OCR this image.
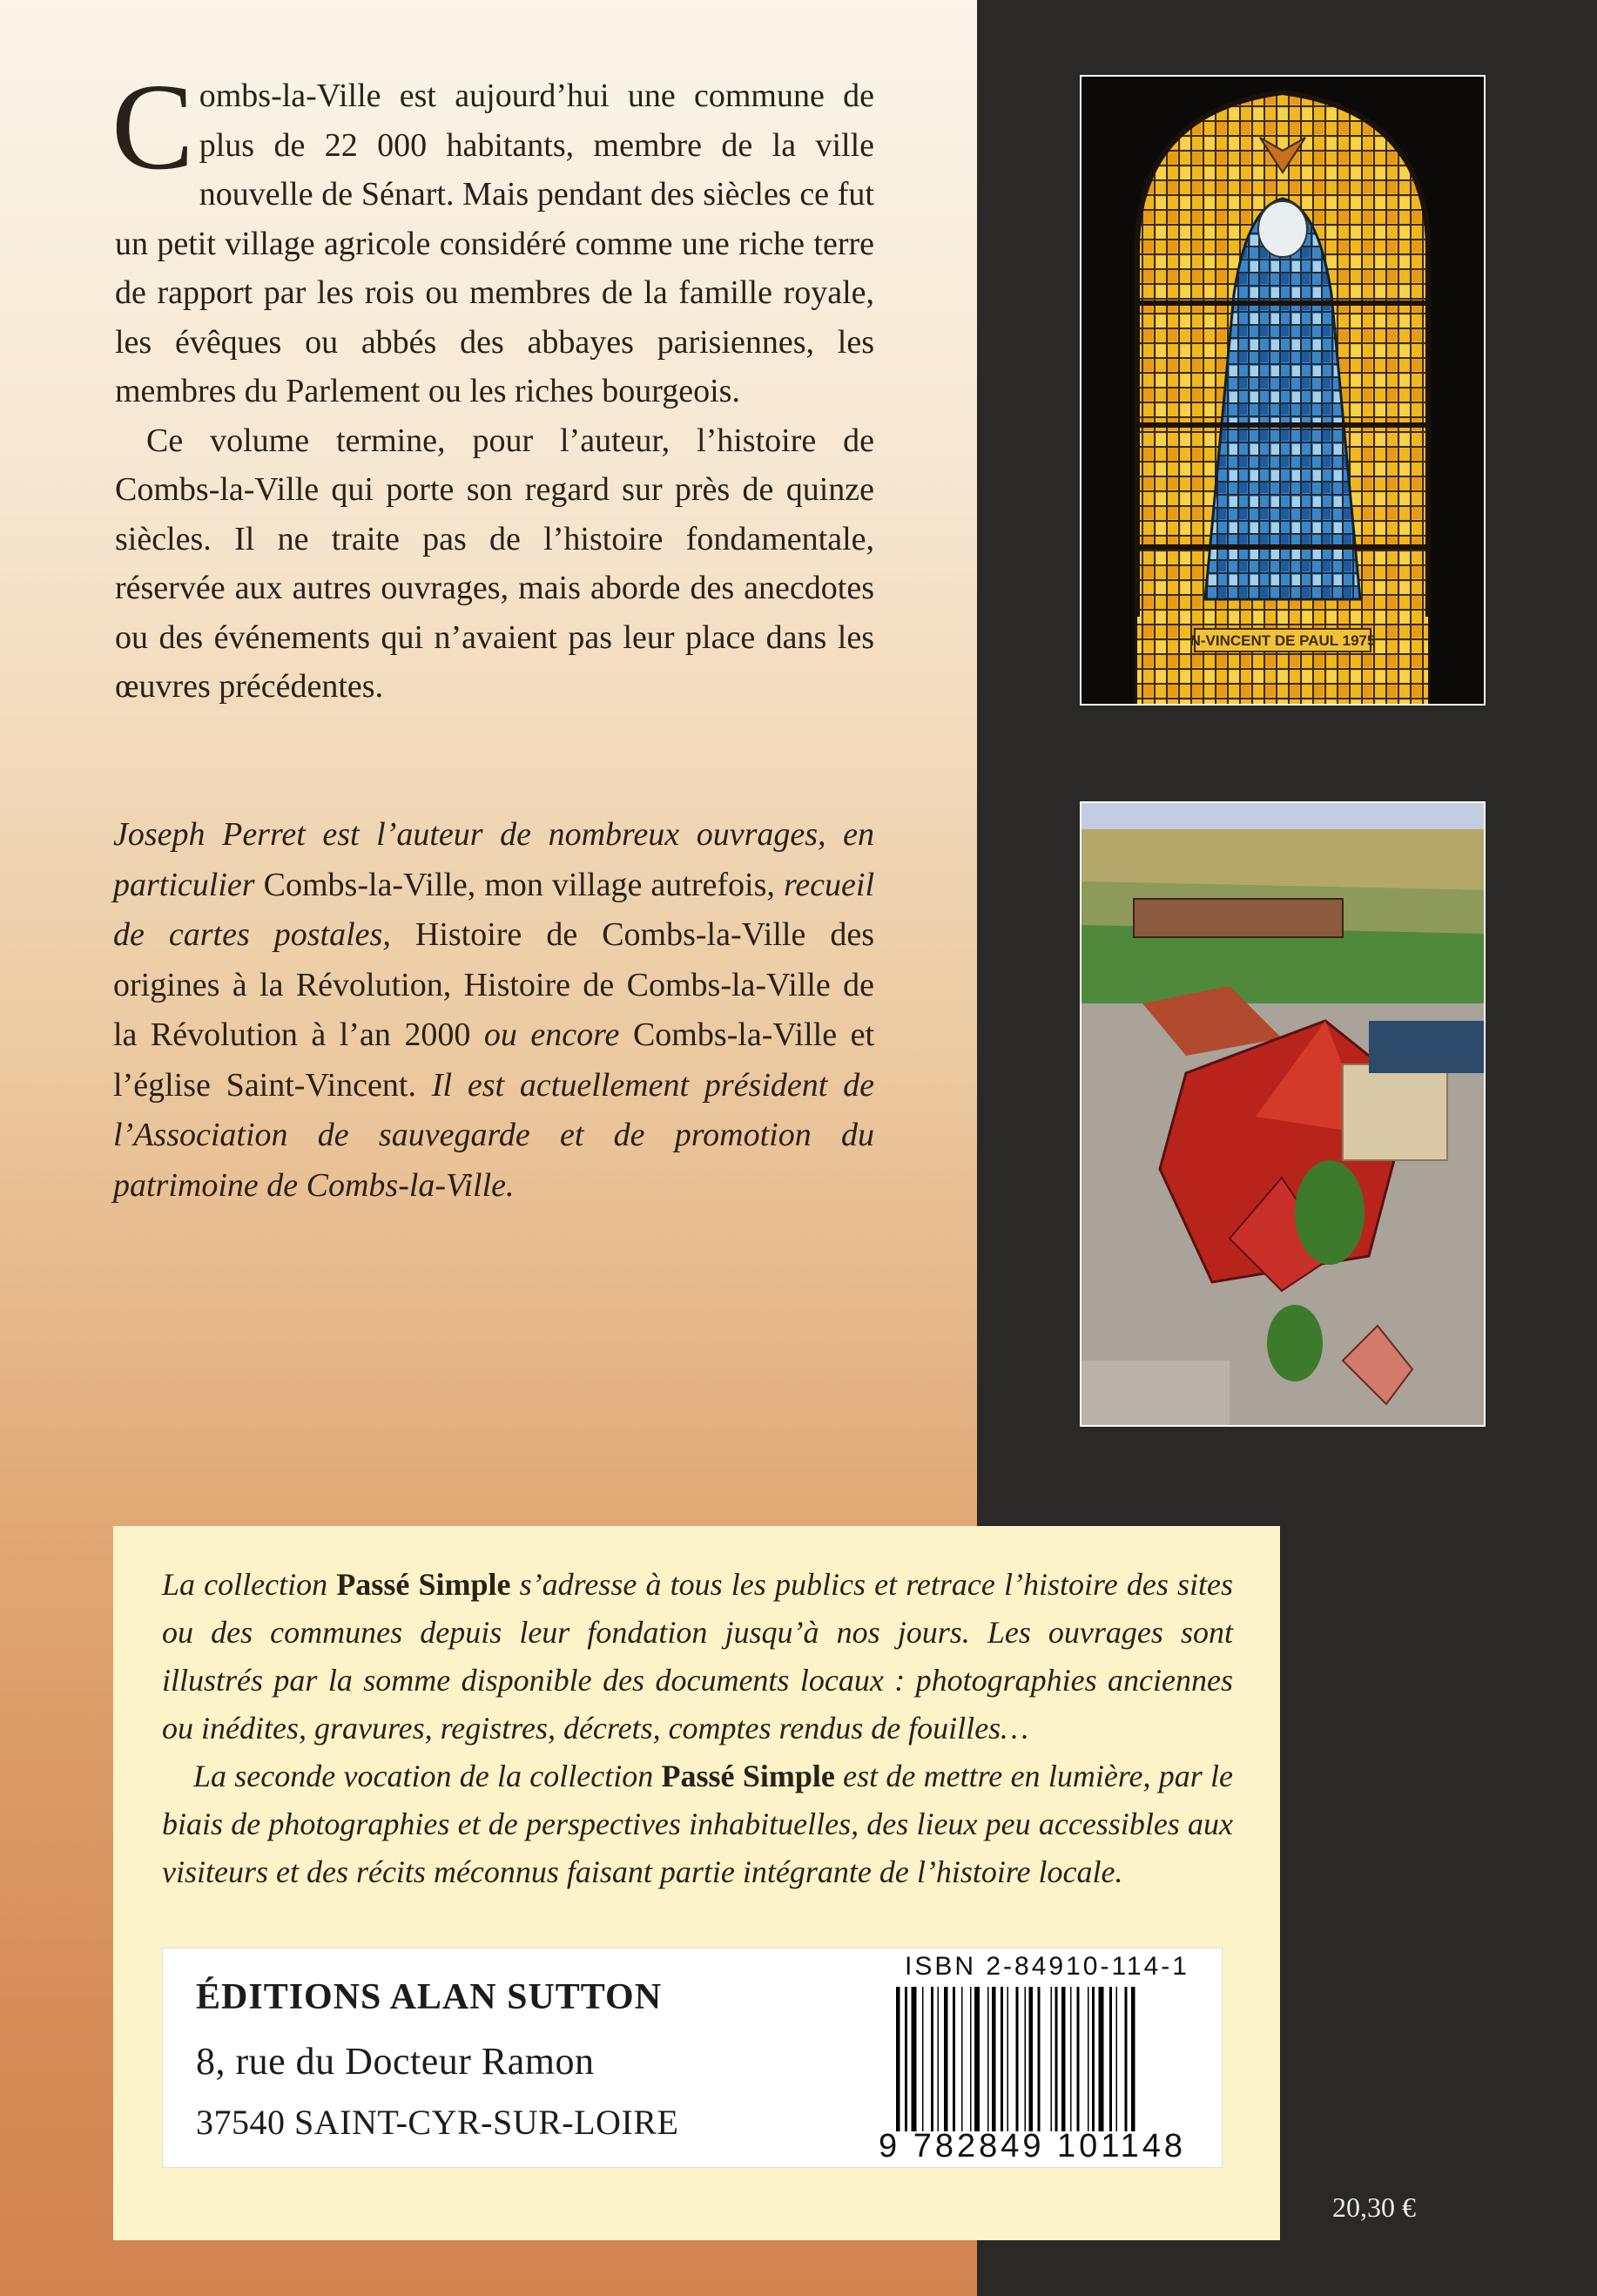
Combs-la-Ville est aujourd’hui une commune de plus de 22 000 habitants, membre de la ville nouvelle de Sénart. Mais pendant des siècles ce fut un petit village agricole considéré comme une riche terre de rapport par les rois ou membres de la famille royale, les évêques ou abbés des abbayes parisiennes, les membres du Parlement ou les riches bourgeois.

Ce volume termine, pour l’auteur, l’histoire de Combs-la-Ville qui porte son regard sur près de quinze siècles. Il ne traite pas de l’histoire fondamentale, réservée aux autres ouvrages, mais aborde des anecdotes ou des événements qui n’avaient pas leur place dans les œuvres précédentes.

Joseph Perret est l’auteur de nombreux ouvrages, en particulier Combs-la-Ville, mon village autrefois, recueil de cartes postales, Histoire de Combs-la-Ville des origines à la Révolution, Histoire de Combs-la-Ville de la Révolution à l’an 2000 ou encore Combs-la-Ville et l’église Saint-Vincent. Il est actuellement président de l’Association de sauvegarde et de promotion du patrimoine de Combs-la-Ville.
N-VINCENT DE PAUL 1975

La collection Passé Simple s’adresse à tous les publics et retrace l’histoire des sites ou des communes depuis leur fondation jusqu’à nos jours. Les ouvrages sont illustrés par la somme disponible des documents locaux : photographies anciennes ou inédites, gravures, registres, décrets, comptes rendus de fouilles…

La seconde vocation de la collection Passé Simple est de mettre en lumière, par le biais de photographies et de perspectives inhabituelles, des lieux peu accessibles aux visiteurs et des récits méconnus faisant partie intégrante de l’histoire locale.

ÉDITIONS ALAN SUTTON
8, rue du Docteur Ramon
37540 SAINT-CYR-SUR-LOIRE
ISBN 2-84910-114-1
9 782849 101148
20,30 €
